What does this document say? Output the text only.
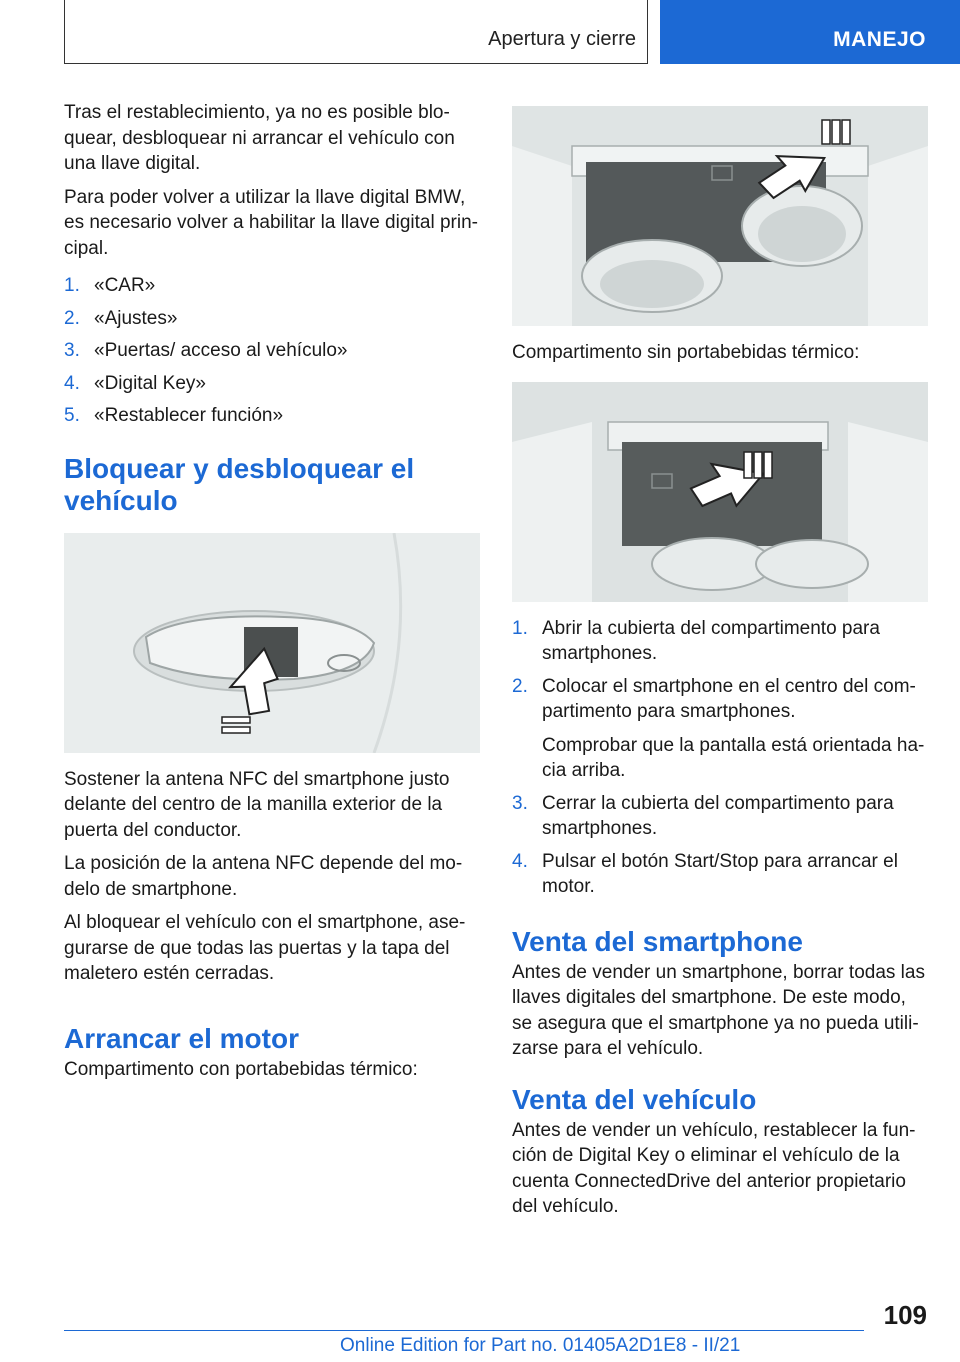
Apertura y cierre	MANEJO

Tras el restablecimiento, ya no es posible blo-quear, desbloquear ni arrancar el vehículo con una llave digital.

Para poder volver a utilizar la llave digital BMW, es necesario volver a habilitar la llave digital prin-cipal.

1. «CAR»
2. «Ajustes»
3. «Puertas/ acceso al vehículo»
4. «Digital Key»
5. «Restablecer función»
Bloquear y desbloquear el vehículo

Sostener la antena NFC del smartphone justo delante del centro de la manilla exterior de la puerta del conductor.

La posición de la antena NFC depende del mo-delo de smartphone.

Al bloquear el vehículo con el smartphone, ase-gurarse de que todas las puertas y la tapa del maletero estén cerradas.

Arrancar el motor

Compartimento con portabebidas térmico:

Compartimento sin portabebidas térmico:

1. Abrir la cubierta del compartimento para smartphones.

2. Colocar el smartphone en el centro del com-partimento para smartphones.

Comprobar que la pantalla está orientada ha-cia arriba.

3. Cerrar la cubierta del compartimento para smartphones.

4. Pulsar el botón Start/Stop para arrancar el motor.

Venta del smartphone

Antes de vender un smartphone, borrar todas las llaves digitales del smartphone. De este modo, se asegura que el smartphone ya no pueda utili-zarse para el vehículo.

Venta del vehículo

Antes de vender un vehículo, restablecer la fun-ción de Digital Key o eliminar el vehículo de la cuenta ConnectedDrive del anterior propietario del vehículo.

109
Online Edition for Part no. 01405A2D1E8 - II/21
